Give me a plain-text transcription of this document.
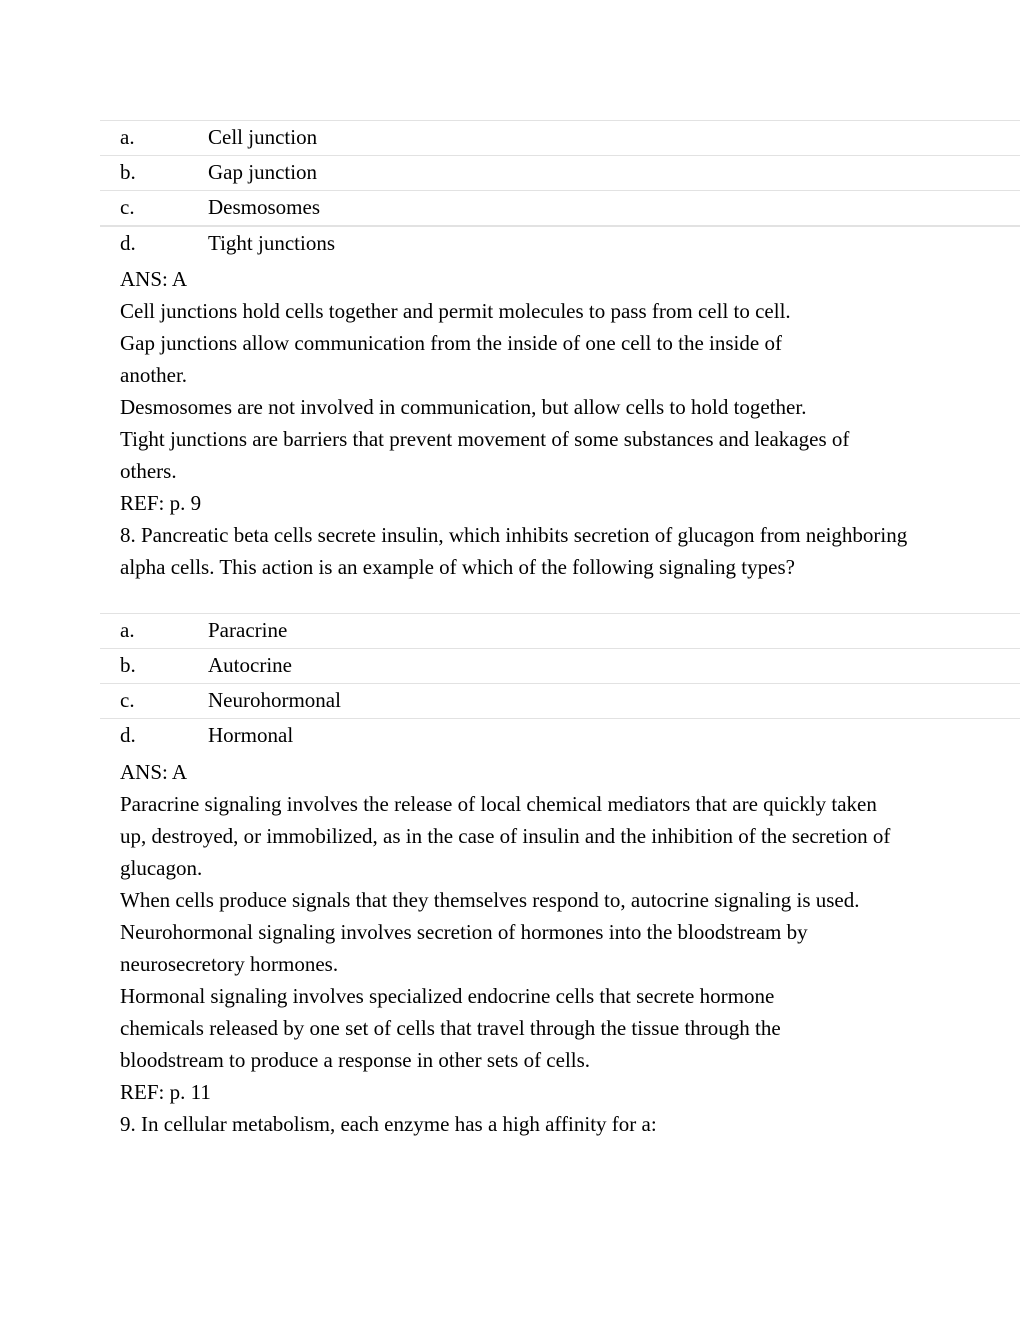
a.	Cell junction
b.	Gap junction
c.	Desmosomes
d.	Tight junctions

ANS: A

Cell junctions hold cells together and permit molecules to pass from cell to cell.

Gap junctions allow communication from the inside of one cell to the inside of another.

Desmosomes are not involved in communication, but allow cells to hold together.

Tight junctions are barriers that prevent movement of some substances and leakages of others.

REF: p. 9

8. Pancreatic beta cells secrete insulin, which inhibits secretion of glucagon from neighboring alpha cells. This action is an example of which of the following signaling types?

a.	Paracrine
b.	Autocrine
c.	Neurohormonal
d.	Hormonal

ANS: A

Paracrine signaling involves the release of local chemical mediators that are quickly taken up, destroyed, or immobilized, as in the case of insulin and the inhibition of the secretion of glucagon.

When cells produce signals that they themselves respond to, autocrine signaling is used.

Neurohormonal signaling involves secretion of hormones into the bloodstream by neurosecretory hormones.

Hormonal signaling involves specialized endocrine cells that secrete hormone chemicals released by one set of cells that travel through the tissue through the bloodstream to produce a response in other sets of cells.

REF: p. 11

9. In cellular metabolism, each enzyme has a high affinity for a:
